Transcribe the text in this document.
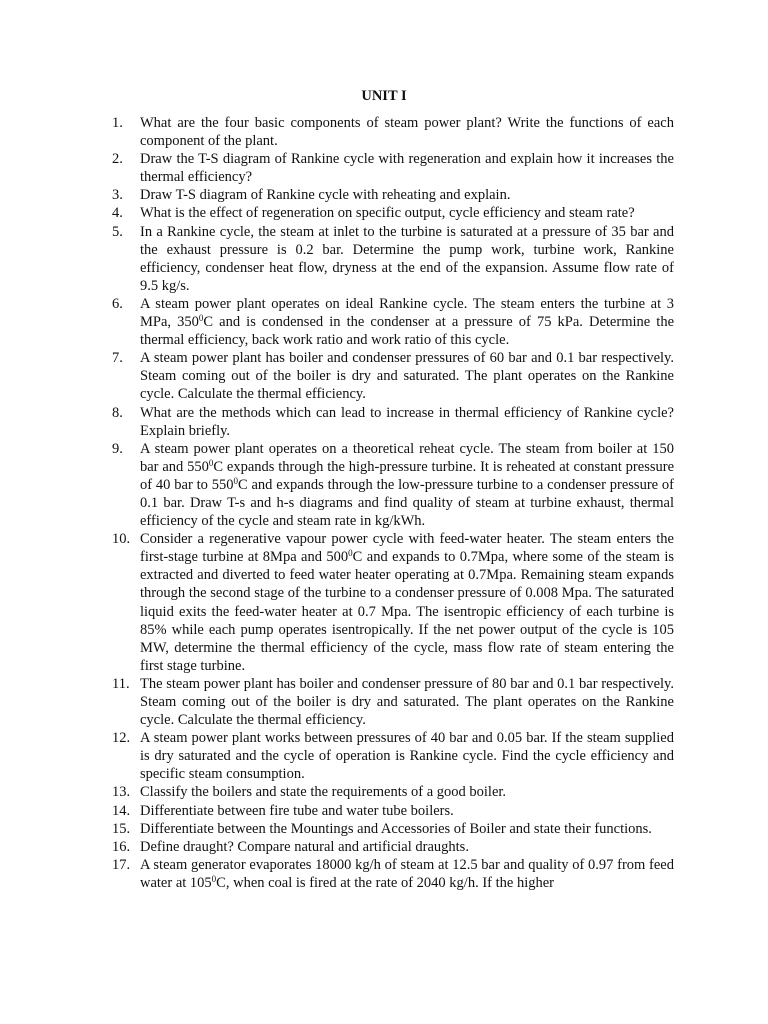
UNIT I
1.	What are the four basic components of steam power plant? Write the functions of each component of the plant.
2.	Draw the T-S diagram of Rankine cycle with regeneration and explain how it increases the thermal efficiency?
3.	Draw T-S diagram of Rankine cycle with reheating and explain.
4.	What is the effect of regeneration on specific output, cycle efficiency and steam rate?
5.	In a Rankine cycle, the steam at inlet to the turbine is saturated at a pressure of 35 bar and the exhaust pressure is 0.2 bar. Determine the pump work, turbine work, Rankine efficiency, condenser heat flow, dryness at the end of the expansion. Assume flow rate of 9.5 kg/s.
6.	A steam power plant operates on ideal Rankine cycle. The steam enters the turbine at 3 MPa, $350^0C$ and is condensed in the condenser at a pressure of 75 kPa. Determine the thermal efficiency, back work ratio and work ratio of this cycle.
7.	A steam power plant has boiler and condenser pressures of 60 bar and 0.1 bar respectively. Steam coming out of the boiler is dry and saturated. The plant operates on the Rankine cycle. Calculate the thermal efficiency.
8.	What are the methods which can lead to increase in thermal efficiency of Rankine cycle? Explain briefly.
9.	A steam power plant operates on a theoretical reheat cycle. The steam from boiler at 150 bar and $550^0C$ expands through the high-pressure turbine. It is reheated at constant pressure of 40 bar to $550^0C$ and expands through the low-pressure turbine to a condenser pressure of 0.1 bar. Draw T-s and h-s diagrams and find quality of steam at turbine exhaust, thermal efficiency of the cycle and steam rate in kg/kWh.
10. Consider a regenerative vapour power cycle with feed-water heater. The steam enters the first-stage turbine at 8Mpa and $500^0C$ and expands to 0.7Mpa, where some of the steam is extracted and diverted to feed water heater operating at 0.7Mpa. Remaining steam expands through the second stage of the turbine to a condenser pressure of 0.008 Mpa. The saturated liquid exits the feed-water heater at 0.7 Mpa. The isentropic efficiency of each turbine is 85% while each pump operates isentropically. If the net power output of the cycle is 105 MW, determine the thermal efficiency of the cycle, mass flow rate of steam entering the first stage turbine.
11. The steam power plant has boiler and condenser pressure of 80 bar and 0.1 bar respectively. Steam coming out of the boiler is dry and saturated. The plant operates on the Rankine cycle. Calculate the thermal efficiency.
12. A steam power plant works between pressures of 40 bar and 0.05 bar. If the steam supplied is dry saturated and the cycle of operation is Rankine cycle. Find the cycle efficiency and specific steam consumption.
13. Classify the boilers and state the requirements of a good boiler.
14. Differentiate between fire tube and water tube boilers.
15. Differentiate between the Mountings and Accessories of Boiler and state their functions.
16. Define draught? Compare natural and artificial draughts.
17. A steam generator evaporates 18000 kg/h of steam at 12.5 bar and quality of 0.97 from feed water at $105^0C$, when coal is fired at the rate of 2040 kg/h. If the higher
